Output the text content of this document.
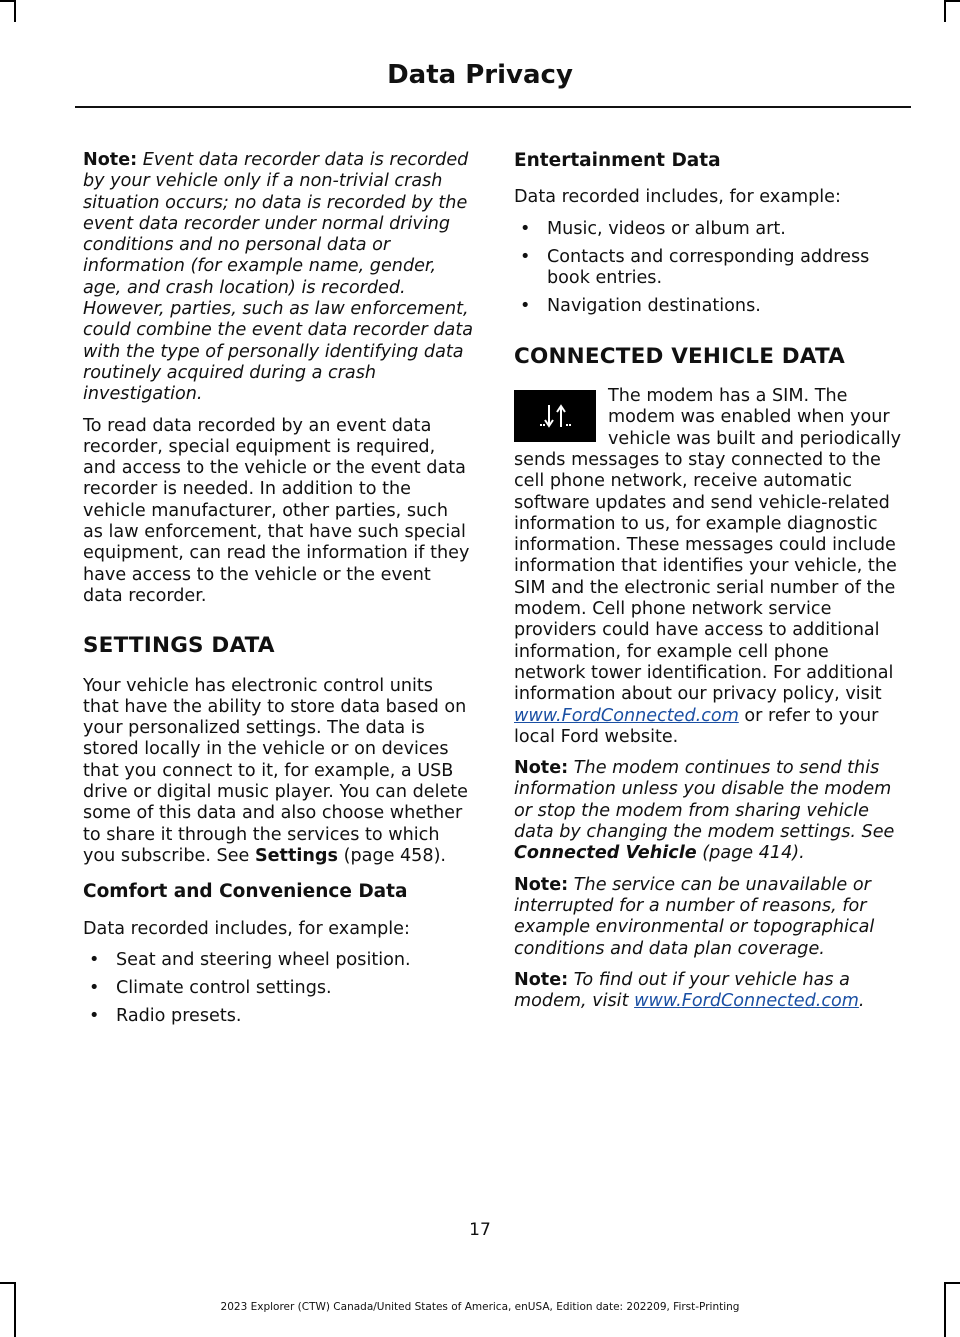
Data Privacy

Note: Event data recorder data is recorded by your vehicle only if a non-trivial crash situation occurs; no data is recorded by the event data recorder under normal driving conditions and no personal data or information (for example name, gender, age, and crash location) is recorded. However, parties, such as law enforcement, could combine the event data recorder data with the type of personally identifying data routinely acquired during a crash investigation.

To read data recorded by an event data recorder, special equipment is required, and access to the vehicle or the event data recorder is needed. In addition to the vehicle manufacturer, other parties, such as law enforcement, that have such special equipment, can read the information if they have access to the vehicle or the event data recorder.

SETTINGS DATA

Your vehicle has electronic control units that have the ability to store data based on your personalized settings. The data is stored locally in the vehicle or on devices that you connect to it, for example, a USB drive or digital music player. You can delete some of this data and also choose whether to share it through the services to which you subscribe. See Settings (page 458).

Comfort and Convenience Data

Data recorded includes, for example:

• Seat and steering wheel position.
• Climate control settings.
• Radio presets.
Entertainment Data

Data recorded includes, for example:

• Music, videos or album art.
• Contacts and corresponding address book entries.
• Navigation destinations.
CONNECTED VEHICLE DATA

The modem has a SIM. The modem was enabled when your vehicle was built and periodically sends messages to stay connected to the cell phone network, receive automatic software updates and send vehicle-related information to us, for example diagnostic information. These messages could include information that identifies your vehicle, the SIM and the electronic serial number of the modem. Cell phone network service providers could have access to additional information, for example cell phone network tower identification. For additional information about our privacy policy, visit www.FordConnected.com or refer to your local Ford website.

Note: The modem continues to send this information unless you disable the modem or stop the modem from sharing vehicle data by changing the modem settings. See Connected Vehicle (page 414).

Note: The service can be unavailable or interrupted for a number of reasons, for example environmental or topographical conditions and data plan coverage.

Note: To find out if your vehicle has a modem, visit www.FordConnected.com.

17
2023 Explorer (CTW) Canada/United States of America, enUSA, Edition date: 202209, First-Printing
